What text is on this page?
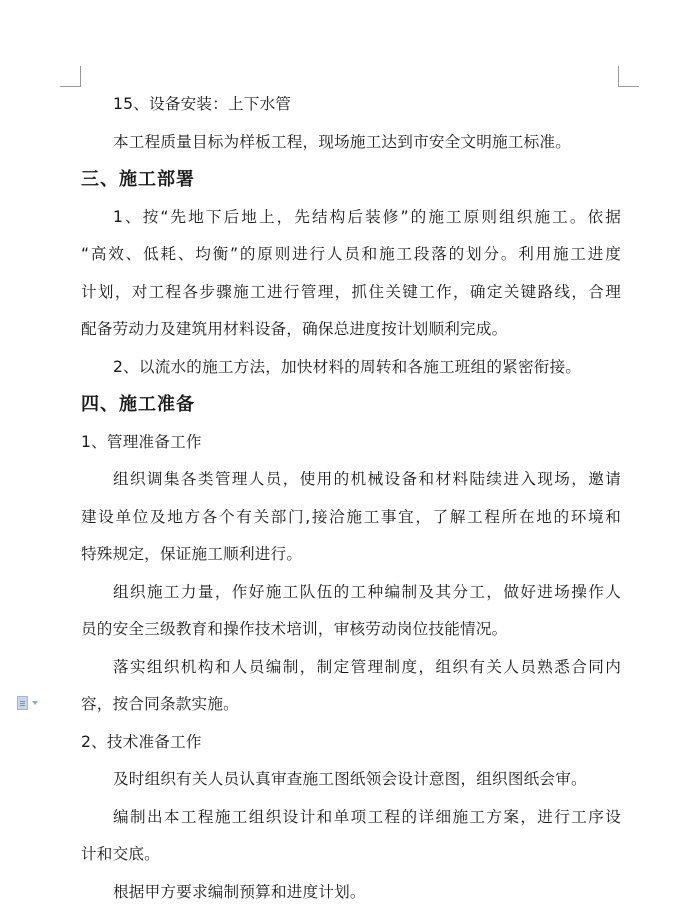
15、设备安装：上下水管
本工程质量目标为样板工程，现场施工达到市安全文明施工标准。
三、施工部署
1、按“先地下后地上，先结构后装修”的施工原则组织施工。依据
“高效、低耗、均衡”的原则进行人员和施工段落的划分。利用施工进度
计划，对工程各步骤施工进行管理，抓住关键工作，确定关键路线，合理
配备劳动力及建筑用材料设备，确保总进度按计划顺利完成。
2、以流水的施工方法，加快材料的周转和各施工班组的紧密衔接。
四、施工准备
1、管理准备工作
组织调集各类管理人员，使用的机械设备和材料陆续进入现场，邀请
建设单位及地方各个有关部门,接洽施工事宜，了解工程所在地的环境和
特殊规定，保证施工顺利进行。
组织施工力量，作好施工队伍的工种编制及其分工，做好进场操作人
员的安全三级教育和操作技术培训，审核劳动岗位技能情况。
落实组织机构和人员编制，制定管理制度，组织有关人员熟悉合同内
容，按合同条款实施。
2、技术准备工作
及时组织有关人员认真审查施工图纸领会设计意图，组织图纸会审。
编制出本工程施工组织设计和单项工程的详细施工方案，进行工序设
计和交底。
根据甲方要求编制预算和进度计划。
